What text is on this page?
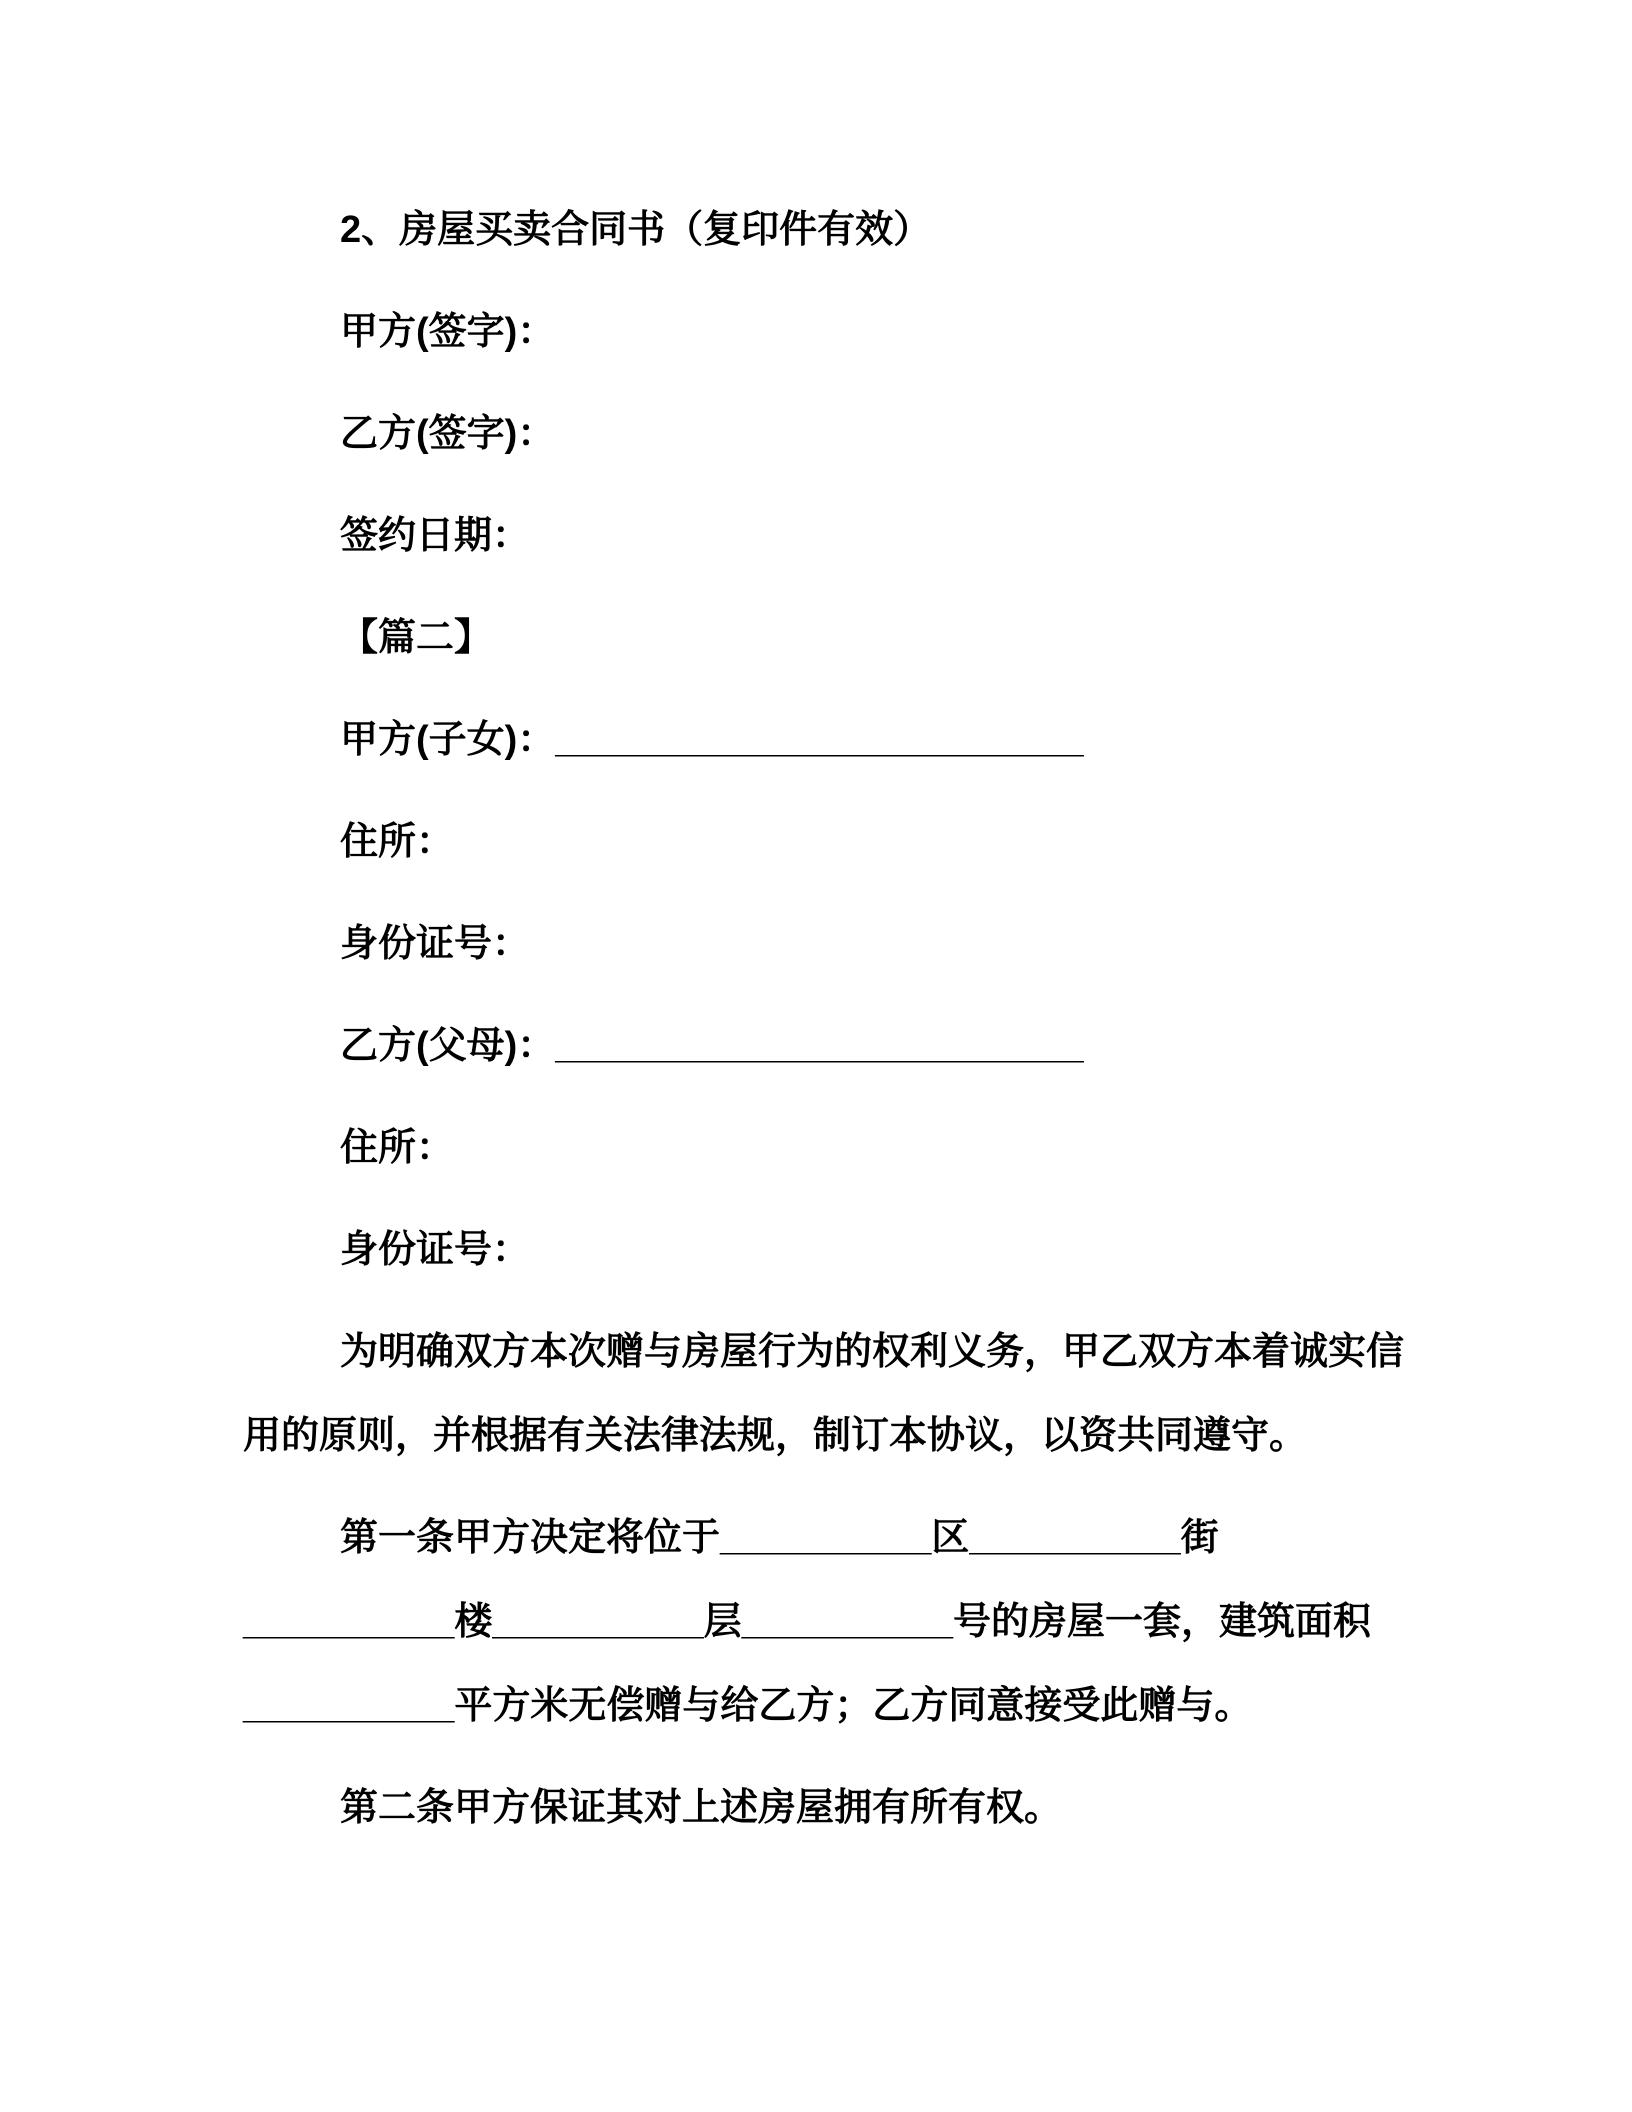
2、房屋买卖合同书（复印件有效）

甲方(签字)：

乙方(签字)：

签约日期：

【篇二】

甲方(子女)：_________________________

住所：

身份证号：

乙方(父母)：_________________________

住所：

身份证号：

为明确双方本次赠与房屋行为的权利义务，甲乙双方本着诚实信用的原则，并根据有关法律法规，制订本协议，以资共同遵守。

第一条甲方决定将位于__________区__________街__________楼__________层__________号的房屋一套，建筑面积__________平方米无偿赠与给乙方；乙方同意接受此赠与。

第二条甲方保证其对上述房屋拥有所有权。
